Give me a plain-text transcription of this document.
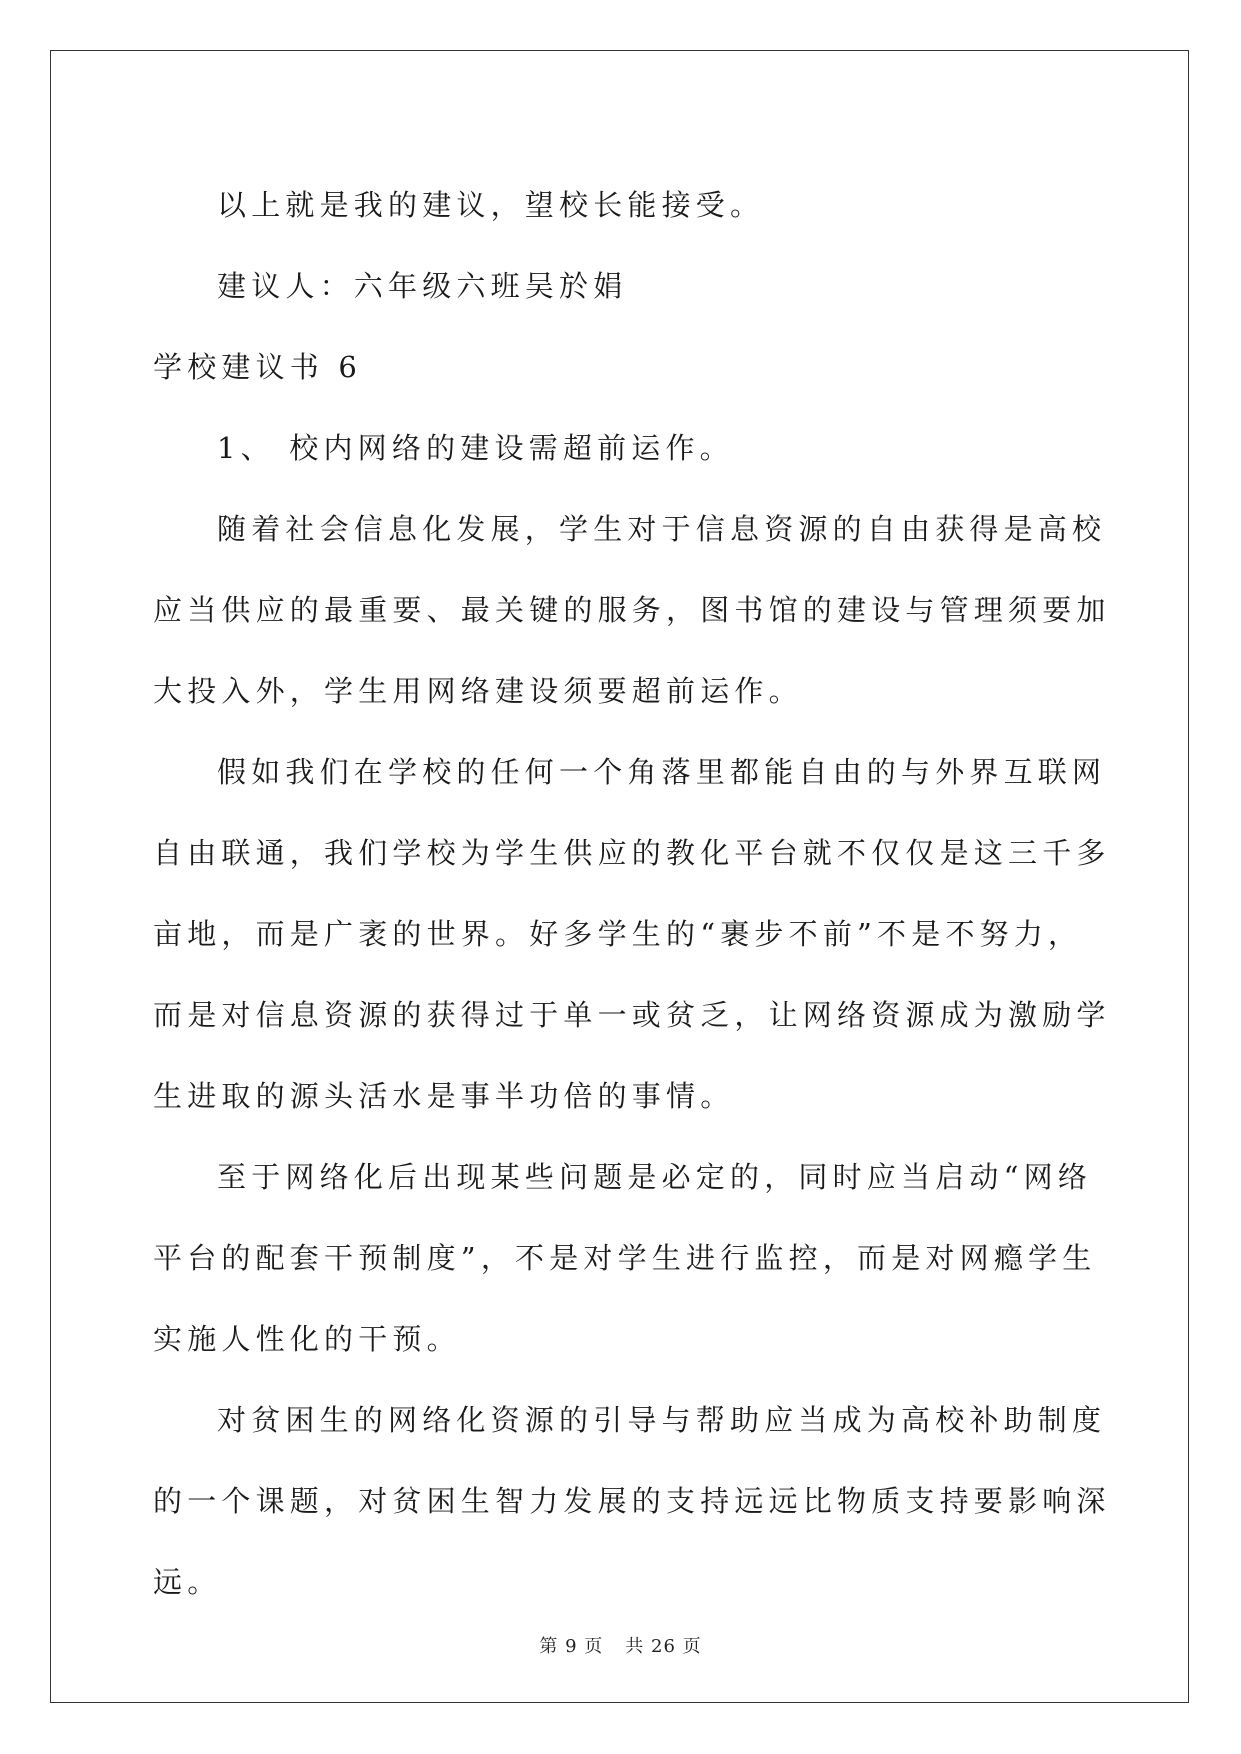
以上就是我的建议，望校长能接受。

建议人：六年级六班吴於娟

学校建议书 6

1、 校内网络的建设需超前运作。

随着社会信息化发展，学生对于信息资源的自由获得是高校应当供应的最重要、最关键的服务，图书馆的建设与管理须要加大投入外，学生用网络建设须要超前运作。

假如我们在学校的任何一个角落里都能自由的与外界互联网自由联通，我们学校为学生供应的教化平台就不仅仅是这三千多亩地，而是广袤的世界。好多学生的“裹步不前”不是不努力，而是对信息资源的获得过于单一或贫乏，让网络资源成为激励学生进取的源头活水是事半功倍的事情。

至于网络化后出现某些问题是必定的，同时应当启动“网络平台的配套干预制度”，不是对学生进行监控，而是对网瘾学生实施人性化的干预。

对贫困生的网络化资源的引导与帮助应当成为高校补助制度的一个课题，对贫困生智力发展的支持远远比物质支持要影响深远。

第 9 页 共 26 页
